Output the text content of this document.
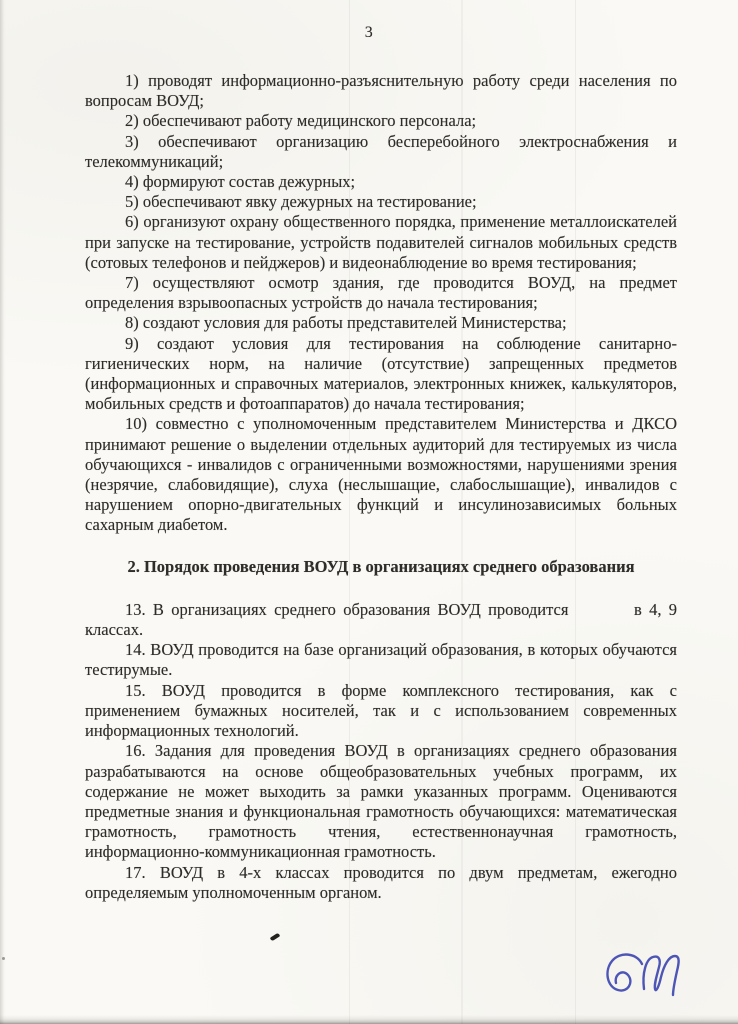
3

1) проводят информационно-разъяснительную работу среди населения по вопросам ВОУД;

2) обеспечивают работу медицинского персонала;

3) обеспечивают организацию бесперебойного электроснабжения и телекоммуникаций;

4) формируют состав дежурных;

5) обеспечивают явку дежурных на тестирование;

6) организуют охрану общественного порядка, применение металлоискателей при запуске на тестирование, устройств подавителей сигналов мобильных средств (сотовых телефонов и пейджеров) и видеонаблюдение во время тестирования;

7) осуществляют осмотр здания, где проводится ВОУД, на предмет определения взрывоопасных устройств до начала тестирования;

8) создают условия для работы представителей Министерства;

9) создают условия для тестирования на соблюдение санитарно-гигиенических норм, на наличие (отсутствие) запрещенных предметов (информационных и справочных материалов, электронных книжек, калькуляторов, мобильных средств и фотоаппаратов) до начала тестирования;

10) совместно с уполномоченным представителем Министерства и ДКСО принимают решение о выделении отдельных аудиторий для тестируемых из числа обучающихся - инвалидов с ограниченными возможностями, нарушениями зрения (незрячие, слабовидящие), слуха (неслышащие, слабослышащие), инвалидов с нарушением опорно-двигательных функций и инсулинозависимых больных сахарным диабетом.

2. Порядок проведения ВОУД в организациях среднего образования

13. В организациях среднего образования ВОУД проводится         в 4, 9 классах.

14. ВОУД проводится на базе организаций образования, в которых обучаются тестирумые.

15. ВОУД проводится в форме комплексного тестирования, как с применением бумажных носителей, так и с использованием современных информационных технологий.

16. Задания для проведения ВОУД в организациях среднего образования разрабатываются на основе общеобразовательных учебных программ, их содержание не может выходить за рамки указанных программ. Оцениваются предметные знания и функциональная грамотность обучающихся: математическая грамотность, грамотность чтения, естественнонаучная грамотность, информационно-коммуникационная грамотность.

17. ВОУД в 4-х классах проводится по двум предметам, ежегодно определяемым уполномоченным органом.
